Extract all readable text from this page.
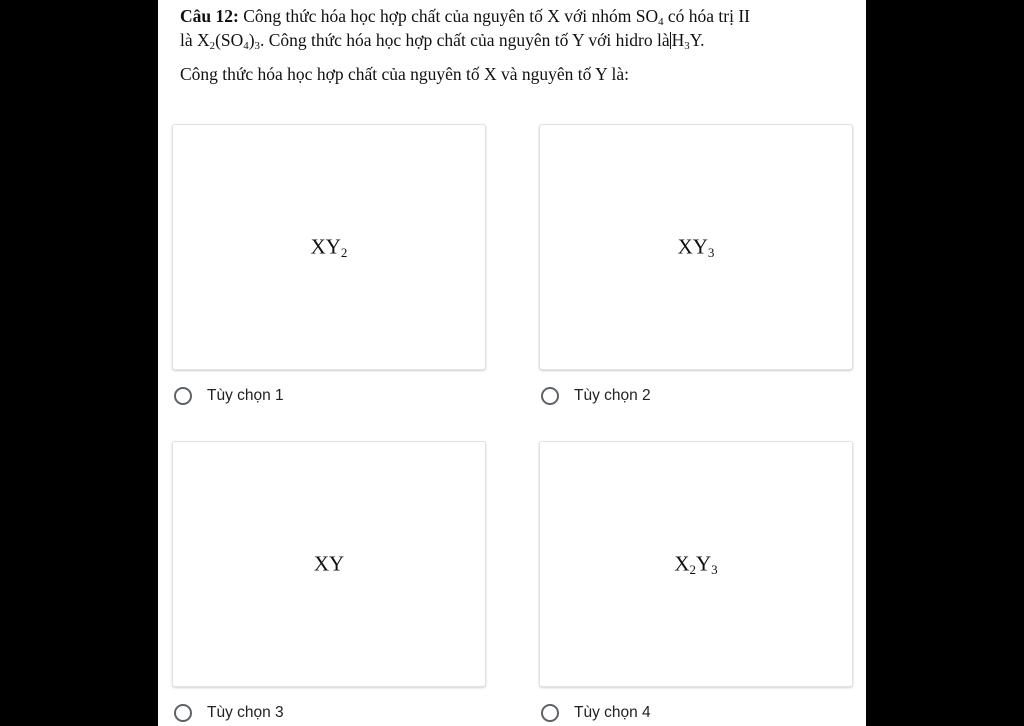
Câu 12: Công thức hóa học hợp chất của nguyên tố X với nhóm $SO_4$ có hóa trị II

là $X_2(SO_4)_3$. Công thức hóa học hợp chất của nguyên tố Y với hidro là $H_3Y$.

Công thức hóa học hợp chất của nguyên tố X và nguyên tố Y là:
$XY_2$
Tùy chọn 1
$XY_3$
Tùy chọn 2
XY
Tùy chọn 3
$X_2Y_3$
Tùy chọn 4
